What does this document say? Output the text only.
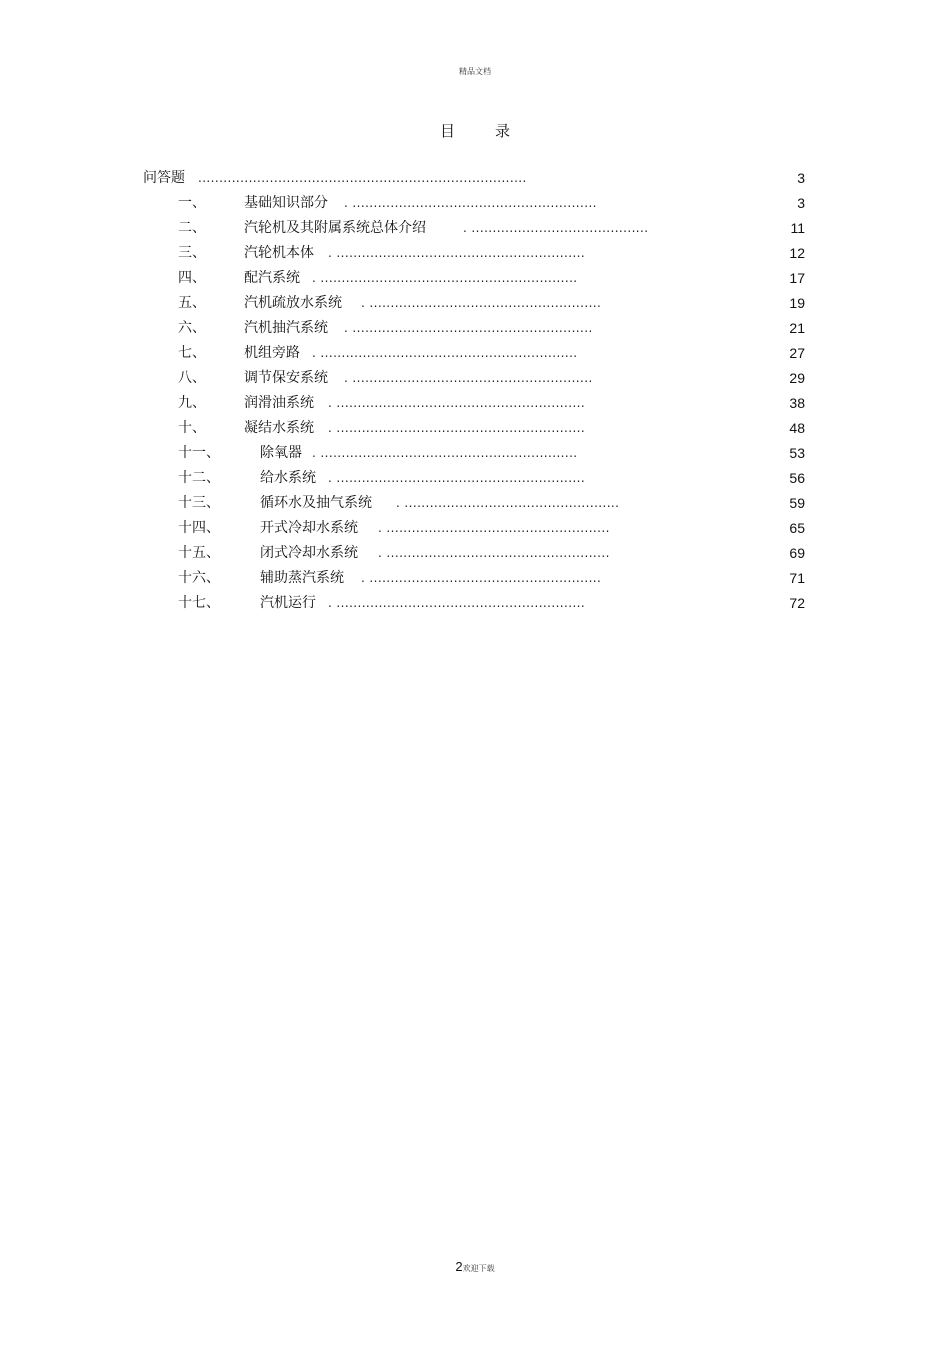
精品文档
目	录
问答题 ..............................................................................	3
一、	基础知识部分 . ..........................................................	3
二、	汽轮机及其附属系统总体介绍	. ..........................................	11
三、	汽轮机本体 . ...........................................................	12
四、	配汽系统 . .............................................................	17
五、	汽机疏放水系统 . .......................................................	19
六、	汽机抽汽系统 . .........................................................	21
七、	机组旁路 . .............................................................	27
八、	调节保安系统 . .........................................................	29
九、	润滑油系统 . ...........................................................	38
十、	凝结水系统 . ...........................................................	48
十一、	除氧器 . .............................................................	53
十二、	给水系统 . ...........................................................	56
十三、	循环水及抽气系统 . ...................................................	59
十四、	开式冷却水系统 . .....................................................	65
十五、	闭式冷却水系统 . .....................................................	69
十六、	辅助蒸汽系统 . .......................................................	71
十七、	汽机运行 . ...........................................................	72
2欢迎下载
